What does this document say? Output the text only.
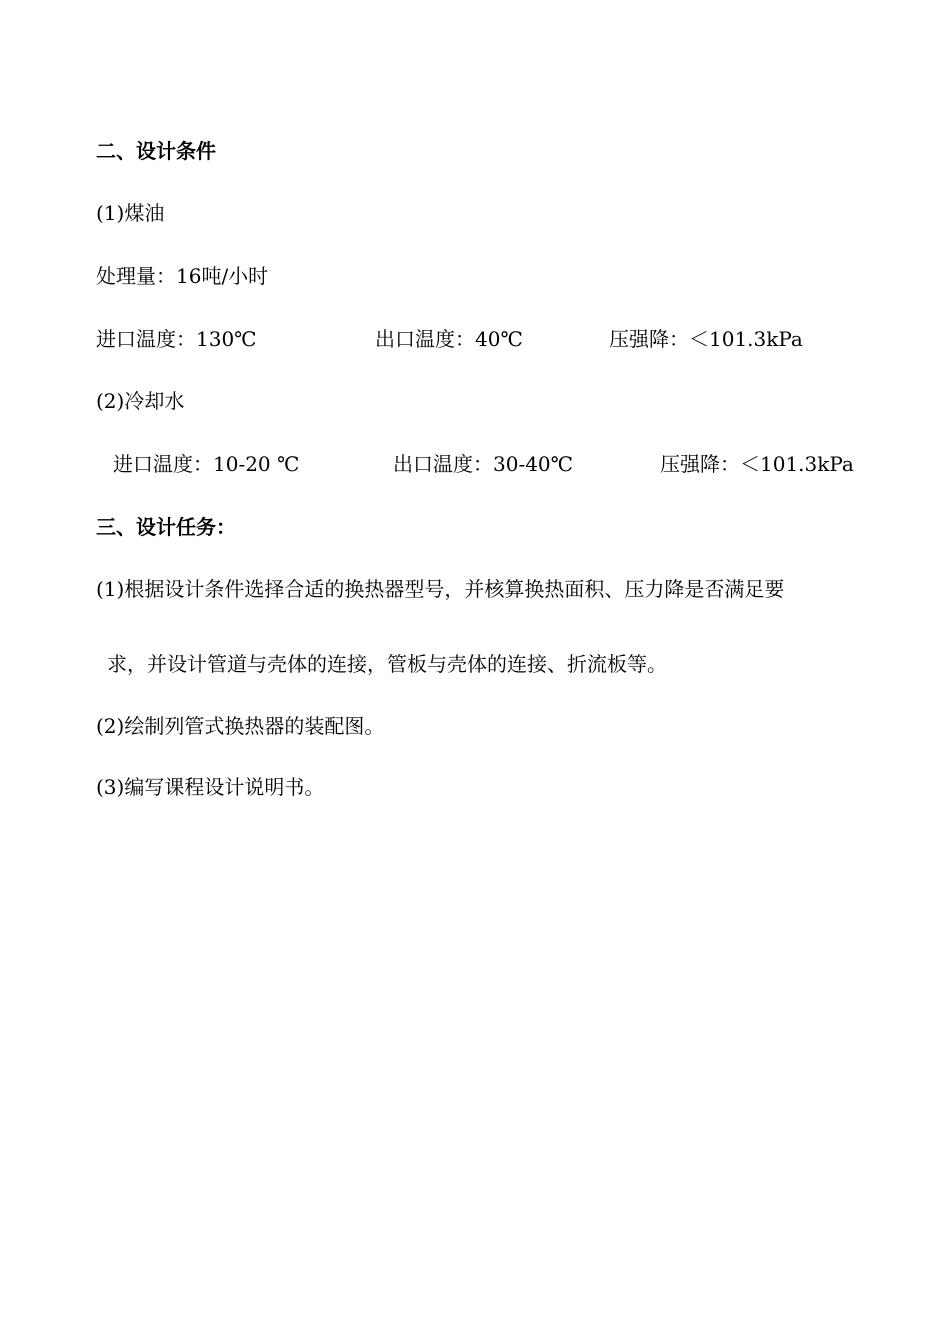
二、设计条件
(1)煤油
处理量：16吨/小时
进口温度：130℃	出口温度：40℃	压强降：＜101.3kPa
(2)冷却水
进口温度：10-20 ℃	出口温度：30-40℃	压强降：＜101.3kPa
三、设计任务：
(1)根据设计条件选择合适的换热器型号，并核算换热面积、压力降是否满足要
求，并设计管道与壳体的连接，管板与壳体的连接、折流板等。
(2)绘制列管式换热器的装配图。
(3)编写课程设计说明书。
